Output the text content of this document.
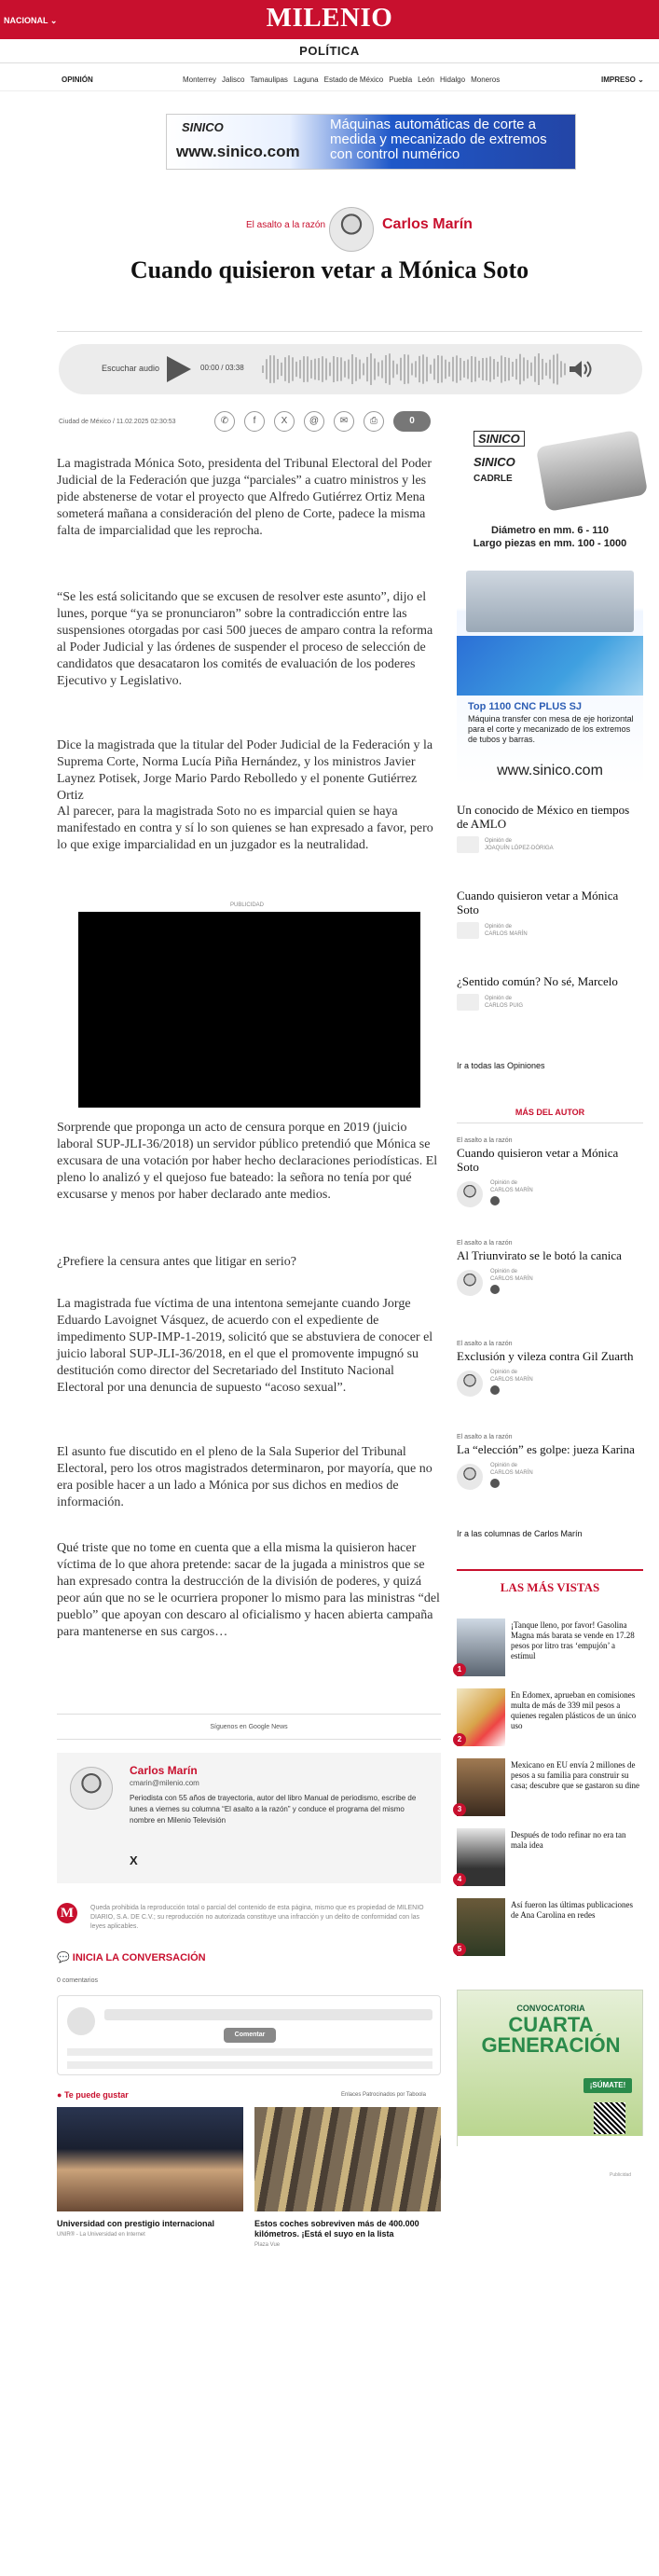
NACIONAL ⌄	MILENIO
POLÍTICA
OPINIÓN	Monterrey Jalisco Tamaulipas Laguna Estado de México Puebla León Hidalgo Moneros	IMPRESO ⌄
SINICO
www.sinico.com
Máquinas automáticas de corte a medida y mecanizado de extremos con control numérico
El asalto a la razón	Carlos Marín
Cuando quisieron vetar a Mónica Soto
Escuchar audio	00:00 / 03:38
Ciudad de México / 11.02.2025 02:30:53	✆	f	X	@	✉	⎙	0

La magistrada Mónica Soto, presidenta del Tribunal Electoral del Poder Judicial de la Federación que juzga “parciales” a cuatro ministros y les pide abstenerse de votar el proyecto que Alfredo Gutiérrez Ortiz Mena someterá mañana a consideración del pleno de Corte, padece la misma falta de imparcialidad que les reprocha.

“Se les está solicitando que se excusen de resolver este asunto”, dijo el lunes, porque “ya se pronunciaron” sobre la contradicción entre las suspensiones otorgadas por casi 500 jueces de amparo contra la reforma al Poder Judicial y las órdenes de suspender el proceso de selección de candidatos que desacataron los comités de evaluación de los poderes Ejecutivo y Legislativo.

Dice la magistrada que la titular del Poder Judicial de la Federación y la Suprema Corte, Norma Lucía Piña Hernández, y los ministros Javier Laynez Potisek, Jorge Mario Pardo Rebolledo y el ponente Gutiérrez Ortiz

Al parecer, para la magistrada Soto no es imparcial quien se haya manifestado en contra y sí lo son quienes se han expresado a favor, pero lo que exige imparcialidad en un juzgador es la neutralidad.

Sorprende que proponga un acto de censura porque en 2019 (juicio laboral SUP-JLI-36/2018) un servidor público pretendió que Mónica se excusara de una votación por haber hecho declaraciones periodísticas. El pleno lo analizó y el quejoso fue bateado: la señora no tenía por qué excusarse y menos por haber declarado ante medios.

¿Prefiere la censura antes que litigar en serio?

La magistrada fue víctima de una intentona semejante cuando Jorge Eduardo Lavoignet Vásquez, de acuerdo con el expediente de impedimento SUP-IMP-1-2019, solicitó que se abstuviera de conocer el juicio laboral SUP-JLI-36/2018, en el que el promovente impugnó su destitución como director del Secretariado del Instituto Nacional Electoral por una denuncia de supuesto “acoso sexual”.

El asunto fue discutido en el pleno de la Sala Superior del Tribunal Electoral, pero los otros magistrados determinaron, por mayoría, que no era posible hacer a un lado a Mónica por sus dichos en medios de información.

Qué triste que no tome en cuenta que a ella misma la quisieron hacer víctima de lo que ahora pretende: sacar de la jugada a ministros que se han expresado contra la destrucción de la división de poderes, y quizá peor aún que no se le ocurriera proponer lo mismo para las ministras “del pueblo” que apoyan con descaro al oficialismo y hacen abierta campaña para mantenerse en sus cargos…

PUBLICIDAD
Síguenos en Google News
Carlos Marín
cmarin@milenio.com
Periodista con 55 años de trayectoria, autor del libro Manual de periodismo, escribe de lunes a viernes su columna “El asalto a la razón” y conduce el programa del mismo nombre en Milenio Televisión
X
M	Queda prohibida la reproducción total o parcial del contenido de esta página, mismo que es propiedad de MILENIO DIARIO, S.A. DE C.V.; su reproducción no autorizada constituye una infracción y un delito de conformidad con las leyes aplicables.
💬 INICIA LA CONVERSACIÓN
0 comentarios
Comentar
● Te puede gustar	Enlaces Patrocinados por Taboola
Universidad con prestigio internacional
UNIR® - La Universidad en Internet
Estos coches sobreviven más de 400.000 kilómetros. ¡Está el suyo en la lista
Plaza Vue
SINICO
SINICO
CADRLE
Diámetro en mm. 6 - 110
Largo piezas en mm. 100 - 1000
Top 1100 CNC PLUS SJ
Máquina transfer con mesa de eje horizontal para el corte y mecanizado de los extremos de tubos y barras.
www.sinico.com
Un conocido de México en tiempos de AMLO
Opinión de
JOAQUÍN LÓPEZ-DÓRIGA
Cuando quisieron vetar a Mónica Soto
Opinión de
CARLOS MARÍN
¿Sentido común? No sé, Marcelo
Opinión de
CARLOS PUIG
Ir a todas las Opiniones
MÁS DEL AUTOR
El asalto a la razón
Cuando quisieron vetar a Mónica Soto
Opinión de
CARLOS MARÍN

El asalto a la razón
Al Triunvirato se le botó la canica
Opinión de
CARLOS MARÍN

El asalto a la razón
Exclusión y vileza contra Gil Zuarth
Opinión de
CARLOS MARÍN

El asalto a la razón
La “elección” es golpe: jueza Karina
Opinión de
CARLOS MARÍN

Ir a las columnas de Carlos Marín
LAS MÁS VISTAS
1
¡Tanque lleno, por favor! Gasolina Magna más barata se vende en 17.28 pesos por litro tras ‘empujón’ a estímul
2
En Edomex, aprueban en comisiones multa de más de 339 mil pesos a quienes regalen plásticos de un único uso
3
Mexicano en EU envía 2 millones de pesos a su familia para construir su casa; descubre que se gastaron su dine
4
Después de todo refinar no era tan mala idea
5
Así fueron las últimas publicaciones de Ana Carolina en redes
CONVOCATORIA
CUARTA GENERACIÓN
¡SÚMATE!
Publicidad
